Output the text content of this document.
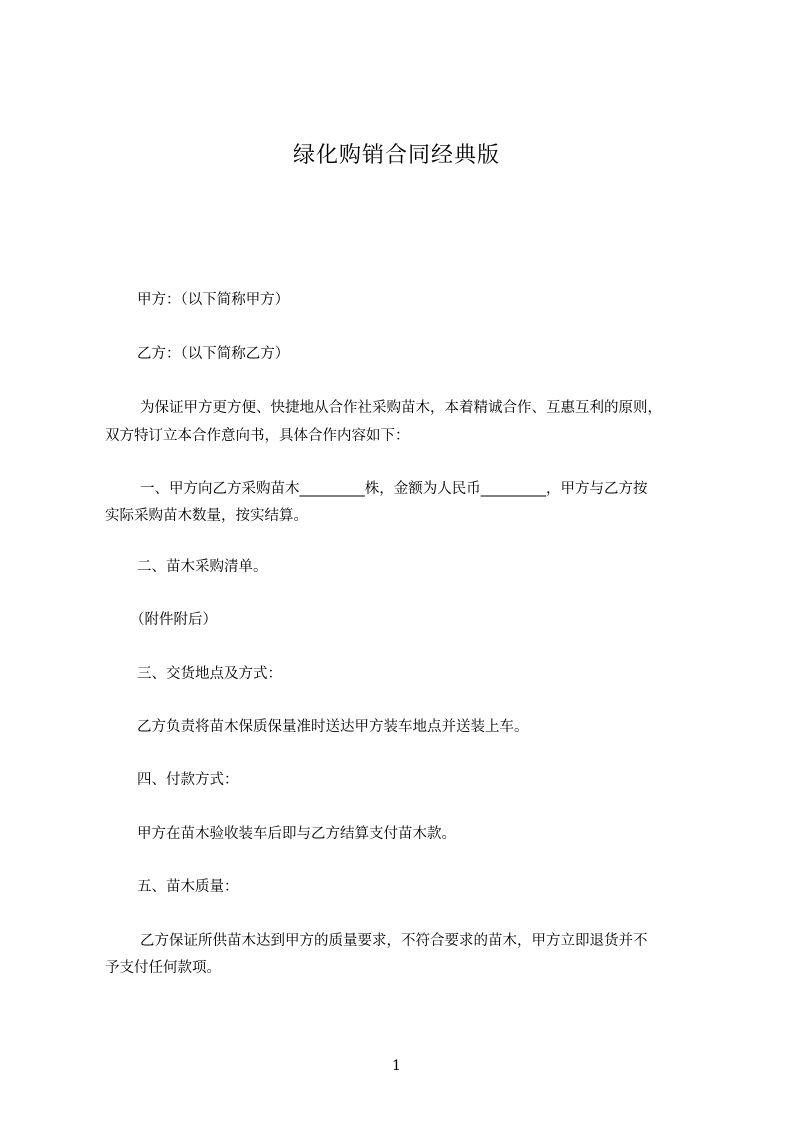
绿化购销合同经典版
甲方：（以下简称甲方）
乙方：（以下简称乙方）
为保证甲方更方便、快捷地从合作社采购苗木，本着精诚合作、互惠互利的原则，
双方特订立本合作意向书，具体合作内容如下：
一、甲方向乙方采购苗木_________株，金额为人民币_________，甲方与乙方按
实际采购苗木数量，按实结算。
二、苗木采购清单。
（附件附后）
三、交货地点及方式：
乙方负责将苗木保质保量准时送达甲方装车地点并送装上车。
四、付款方式：
甲方在苗木验收装车后即与乙方结算支付苗木款。
五、苗木质量：
乙方保证所供苗木达到甲方的质量要求，不符合要求的苗木，甲方立即退货并不
予支付任何款项。
1
